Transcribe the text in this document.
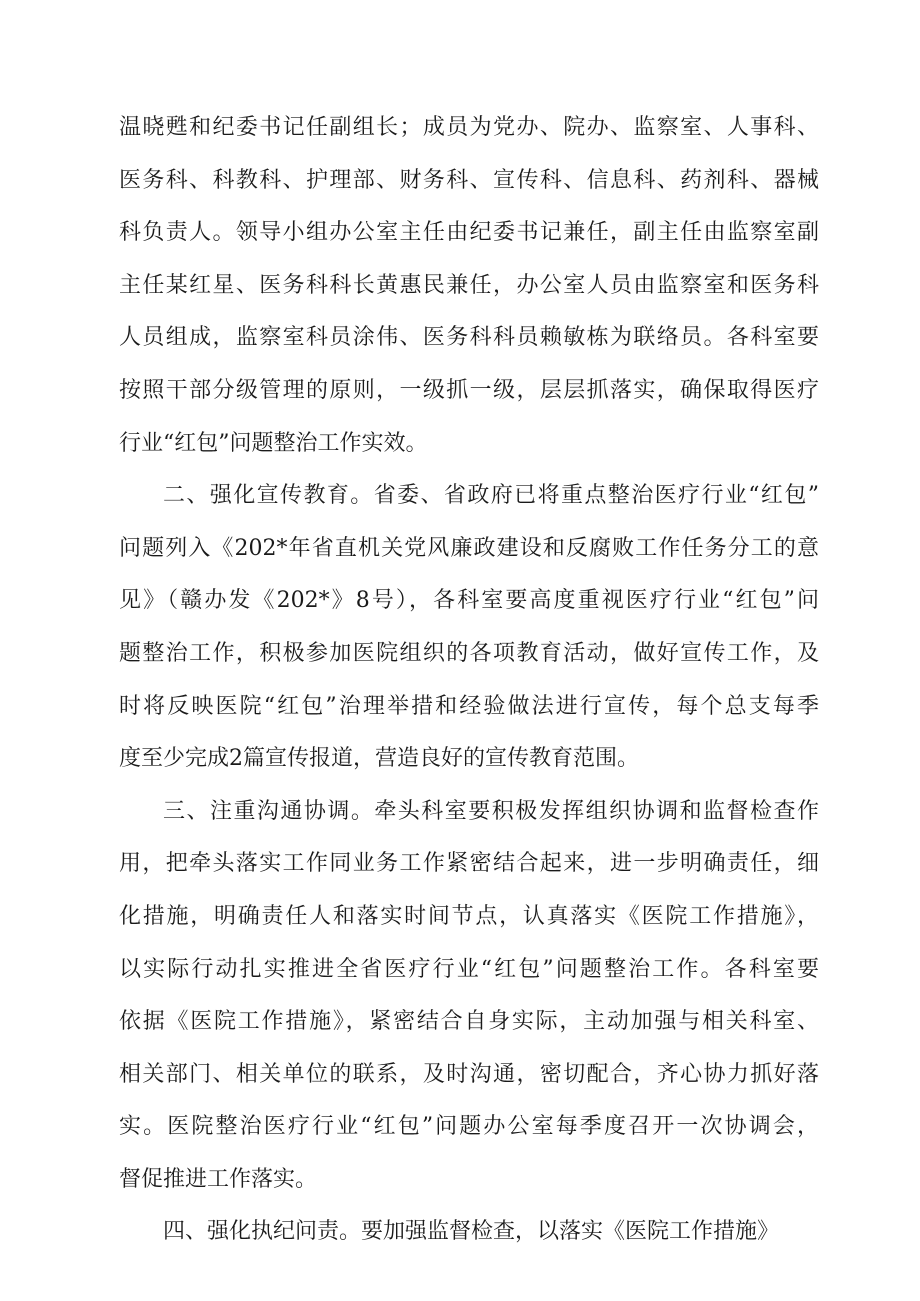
温晓甦和纪委书记任副组长；成员为党办、院办、监察室、人事科、
医务科、科教科、护理部、财务科、宣传科、信息科、药剂科、器械
科负责人。领导小组办公室主任由纪委书记兼任，副主任由监察室副
主任某红星、医务科科长黄惠民兼任，办公室人员由监察室和医务科
人员组成，监察室科员涂伟、医务科科员赖敏栋为联络员。各科室要
按照干部分级管理的原则，一级抓一级，层层抓落实，确保取得医疗
行业“红包”问题整治工作实效。
二、强化宣传教育。省委、省政府已将重点整治医疗行业“红包”
问题列入《202*年省直机关党风廉政建设和反腐败工作任务分工的意
见》（赣办发《202*》8号），各科室要高度重视医疗行业“红包”问
题整治工作，积极参加医院组织的各项教育活动，做好宣传工作，及
时将反映医院“红包”治理举措和经验做法进行宣传，每个总支每季
度至少完成2篇宣传报道，营造良好的宣传教育范围。
三、注重沟通协调。牵头科室要积极发挥组织协调和监督检查作
用，把牵头落实工作同业务工作紧密结合起来，进一步明确责任，细
化措施，明确责任人和落实时间节点，认真落实《医院工作措施》，
以实际行动扎实推进全省医疗行业“红包”问题整治工作。各科室要
依据《医院工作措施》，紧密结合自身实际，主动加强与相关科室、
相关部门、相关单位的联系，及时沟通，密切配合，齐心协力抓好落
实。医院整治医疗行业“红包”问题办公室每季度召开一次协调会，
督促推进工作落实。
四、强化执纪问责。要加强监督检查，以落实《医院工作措施》
